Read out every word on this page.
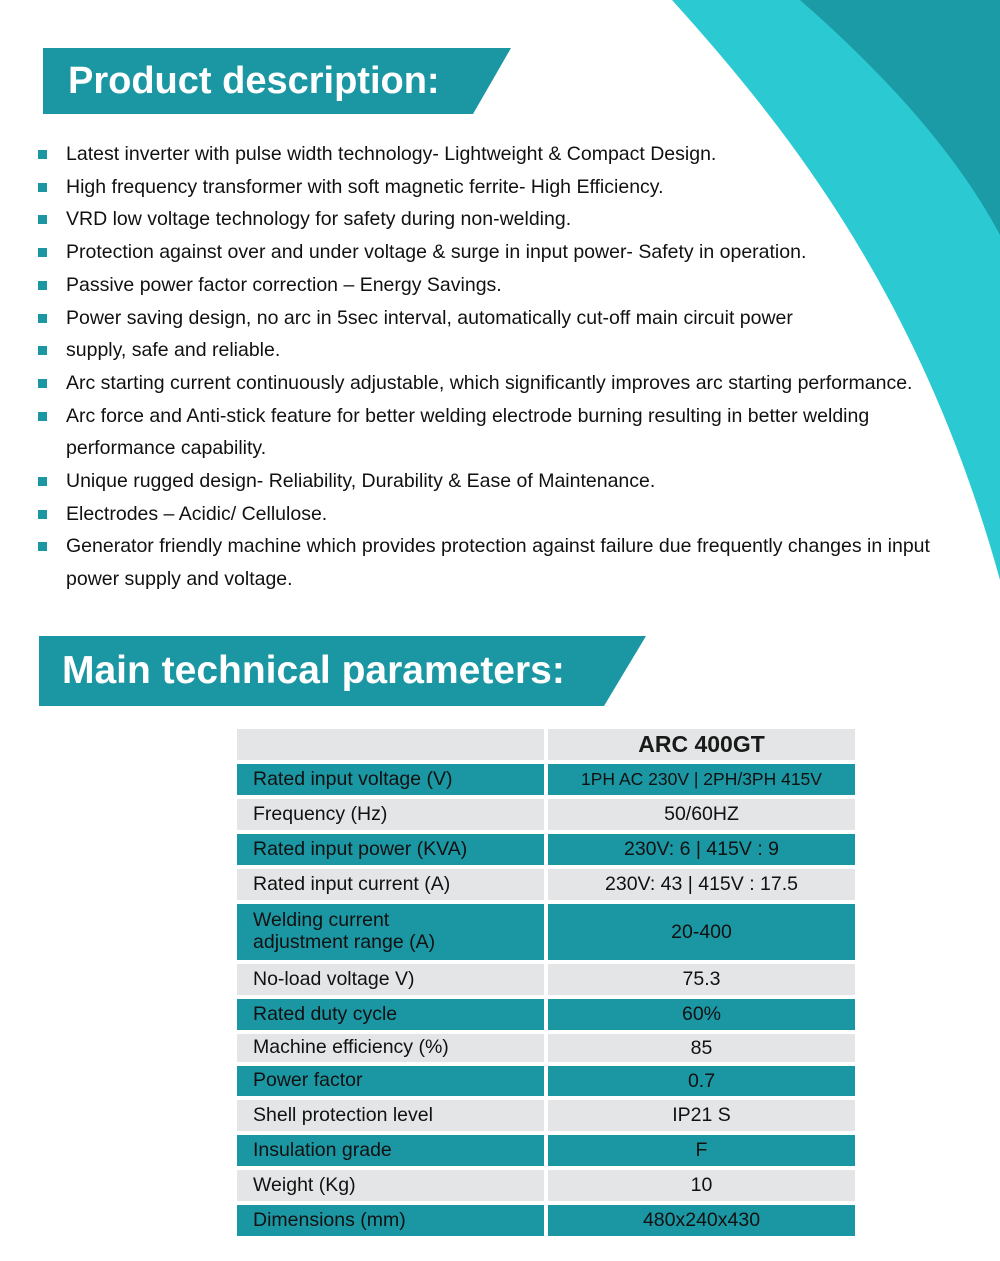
Product description:
Latest inverter with pulse width technology- Lightweight & Compact Design.
High frequency transformer with soft magnetic ferrite- High Efficiency.
VRD low voltage technology for safety during non-welding.
Protection against over and under voltage & surge in input power- Safety in operation.
Passive power factor correction – Energy Savings.
Power saving design, no arc in 5sec interval, automatically cut-off main circuit power
supply, safe and reliable.
Arc starting current continuously adjustable, which significantly improves arc starting performance.
Arc force and Anti-stick feature for better welding electrode burning resulting in better welding performance capability.
Unique rugged design- Reliability, Durability & Ease of Maintenance.
Electrodes – Acidic/ Cellulose.
Generator friendly machine which provides protection against failure due frequently changes in input power supply and voltage.
Main technical parameters:
	ARC 400GT
Rated input voltage (V)	1PH AC 230V | 2PH/3PH 415V
Frequency (Hz)	50/60HZ
Rated input power (KVA)	230V: 6 | 415V : 9
Rated input current (A)	230V: 43 | 415V : 17.5
Welding current adjustment range (A)	20-400
No-load voltage V)	75.3
Rated duty cycle	60%
Machine efficiency (%)	85
Power factor	0.7
Shell protection level	IP21 S
Insulation grade	F
Weight (Kg)	10
Dimensions (mm)	480x240x430
